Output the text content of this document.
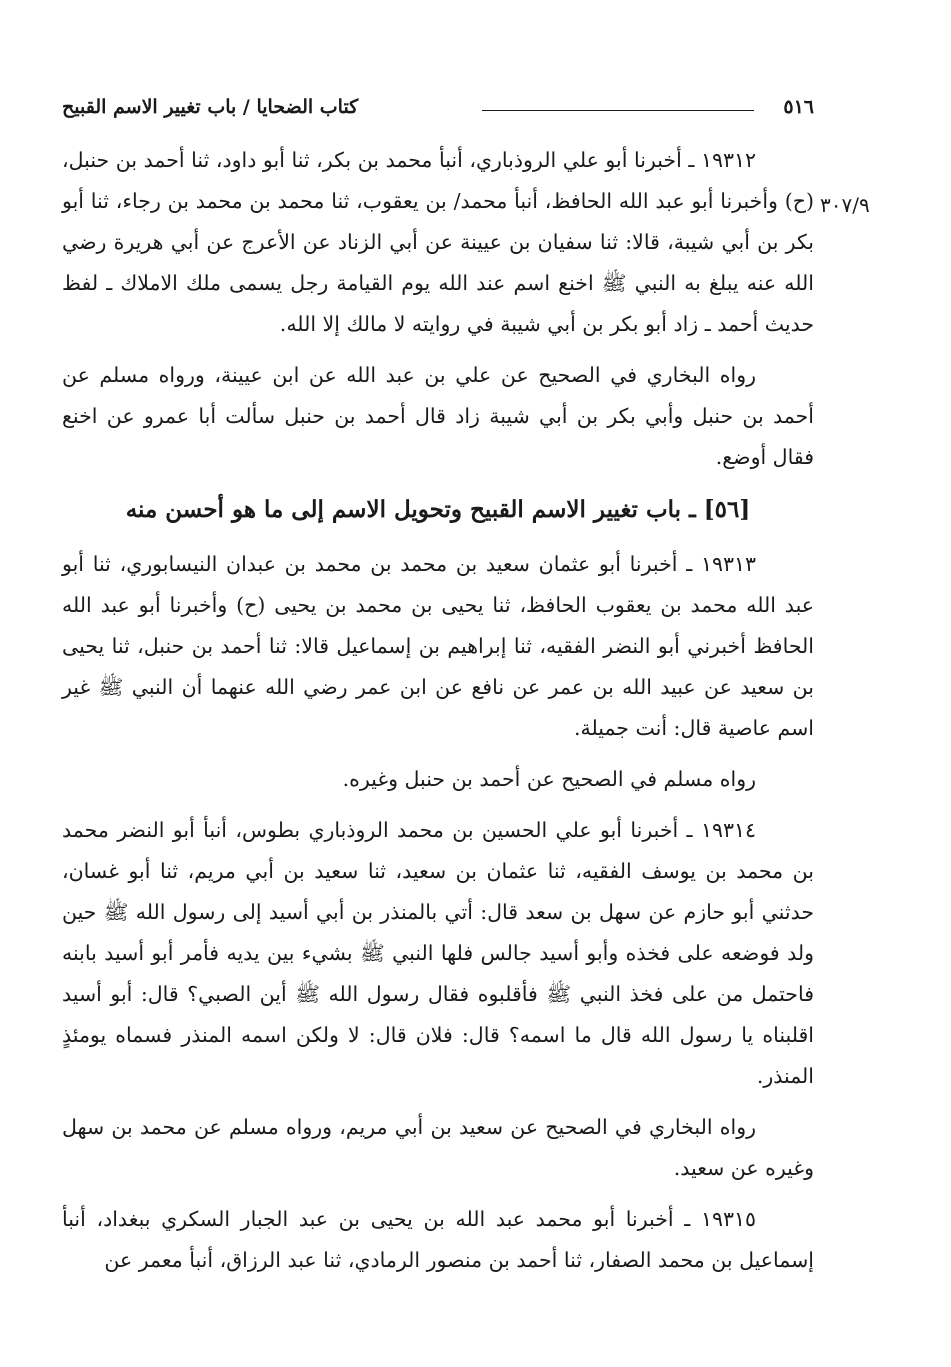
٥١٦
كتاب الضحايا / باب تغيير الاسم القبيح
٣٠٧/٩

١٩٣١٢ ـ أخبرنا أبو علي الروذباري، أنبأ محمد بن بكر، ثنا أبو داود، ثنا أحمد بن حنبل، (ح) وأخبرنا أبو عبد الله الحافظ، أنبأ محمد/ بن يعقوب، ثنا محمد بن محمد بن رجاء، ثنا أبو بكر بن أبي شيبة، قالا: ثنا سفيان بن عيينة عن أبي الزناد عن الأعرج عن أبي هريرة رضي الله عنه يبلغ به النبي ﷺ اخنع اسم عند الله يوم القيامة رجل يسمى ملك الاملاك ـ لفظ حديث أحمد ـ زاد أبو بكر بن أبي شيبة في روايته لا مالك إلا الله.

رواه البخاري في الصحيح عن علي بن عبد الله عن ابن عيينة، ورواه مسلم عن أحمد بن حنبل وأبي بكر بن أبي شيبة زاد قال أحمد بن حنبل سألت أبا عمرو عن اخنع فقال أوضع.

[٥٦] ـ باب تغيير الاسم القبيح وتحويل الاسم إلى ما هو أحسن منه

١٩٣١٣ ـ أخبرنا أبو عثمان سعيد بن محمد بن محمد بن عبدان النيسابوري، ثنا أبو عبد الله محمد بن يعقوب الحافظ، ثنا يحيى بن محمد بن يحيى (ح) وأخبرنا أبو عبد الله الحافظ أخبرني أبو النضر الفقيه، ثنا إبراهيم بن إسماعيل قالا: ثنا أحمد بن حنبل، ثنا يحيى بن سعيد عن عبيد الله بن عمر عن نافع عن ابن عمر رضي الله عنهما أن النبي ﷺ غير اسم عاصية قال: أنت جميلة.

رواه مسلم في الصحيح عن أحمد بن حنبل وغيره.

١٩٣١٤ ـ أخبرنا أبو علي الحسين بن محمد الروذباري بطوس، أنبأ أبو النضر محمد بن محمد بن يوسف الفقيه، ثنا عثمان بن سعيد، ثنا سعيد بن أبي مريم، ثنا أبو غسان، حدثني أبو حازم عن سهل بن سعد قال: أتي بالمنذر بن أبي أسيد إلى رسول الله ﷺ حين ولد فوضعه على فخذه وأبو أسيد جالس فلها النبي ﷺ بشيء بين يديه فأمر أبو أسيد بابنه فاحتمل من على فخذ النبي ﷺ فأقلبوه فقال رسول الله ﷺ أين الصبي؟ قال: أبو أسيد اقلبناه يا رسول الله قال ما اسمه؟ قال: فلان قال: لا ولكن اسمه المنذر فسماه يومئذٍ المنذر.

رواه البخاري في الصحيح عن سعيد بن أبي مريم، ورواه مسلم عن محمد بن سهل وغيره عن سعيد.

١٩٣١٥ ـ أخبرنا أبو محمد عبد الله بن يحيى بن عبد الجبار السكري ببغداد، أنبأ إسماعيل بن محمد الصفار، ثنا أحمد بن منصور الرمادي، ثنا عبد الرزاق، أنبأ معمر عن
